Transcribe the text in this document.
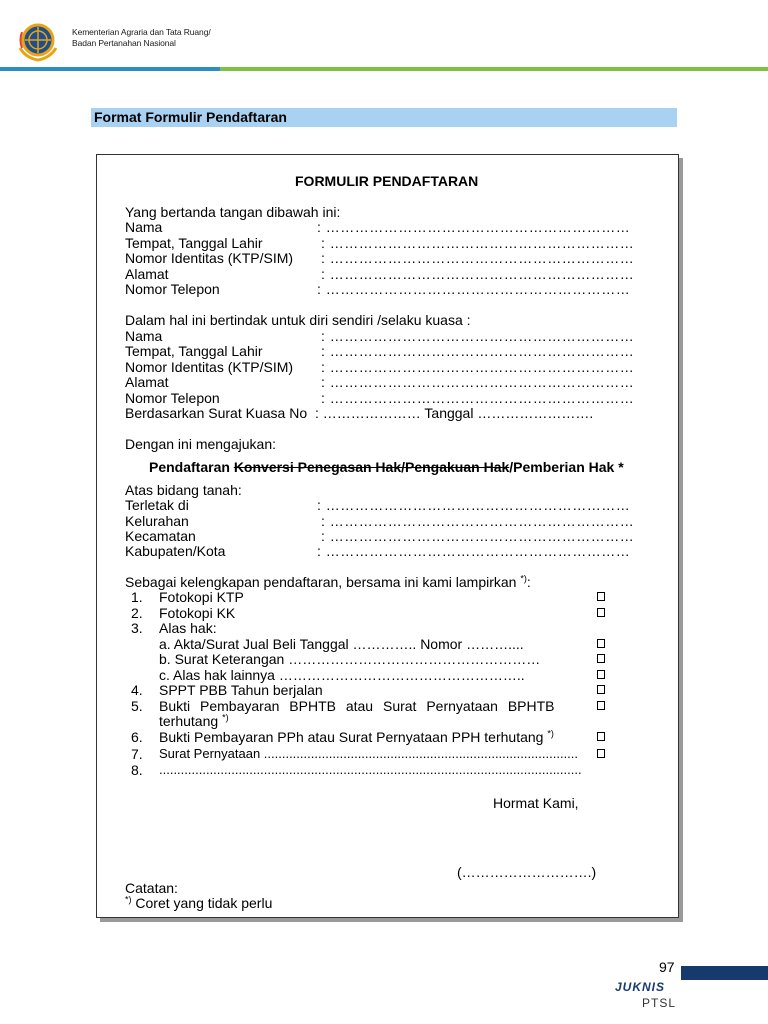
Kementerian Agraria dan Tata Ruang/
Badan Pertanahan Nasional
Format Formulir Pendaftaran
FORMULIR PENDAFTARAN
Yang bertanda tangan dibawah ini:
Nama	: ………………………………………………………
Tempat, Tanggal Lahir	: ………………………………………………………
Nomor Identitas (KTP/SIM) : ………………………………………………………
Alamat	: ………………………………………………………
Nomor Telepon	: ………………………………………………………
Dalam hal ini bertindak untuk diri sendiri /selaku kuasa :
Nama	: ………………………………………………………
Tempat, Tanggal Lahir	: ………………………………………………………
Nomor Identitas (KTP/SIM) : ………………………………………………………
Alamat	: ………………………………………………………
Nomor Telepon	: ………………………………………………………
Berdasarkan Surat Kuasa No : ………………… Tanggal …………………….
Dengan ini mengajukan:
Pendaftaran Konversi Penegasan Hak/Pengakuan Hak/Pemberian Hak *
Atas bidang tanah:
Terletak di	: ………………………………………………………
Kelurahan	: ………………………………………………………
Kecamatan	: ………………………………………………………
Kabupaten/Kota	: ………………………………………………………
Sebagai kelengkapan pendaftaran, bersama ini kami lampirkan *):
1. Fotokopi KTP
2. Fotokopi KK
3. Alas hak:
a. Akta/Surat Jual Beli Tanggal ………….. Nomor ………....
b. Surat Keterangan ………………………………………………
c. Alas hak lainnya ……………………………………………..
4. SPPT PBB Tahun berjalan
5. Bukti Pembayaran BPHTB atau Surat Pernyataan BPHTB
terhutang *)
6. Bukti Pembayaran PPh atau Surat Pernyataan PPH terhutang *)
7. Surat Pernyataan .......................................................................................
8. .....................................................................................................................
Hormat Kami,
(……………………….)
Catatan:
*) Coret yang tidak perlu
97
JUKNIS
PTSL
